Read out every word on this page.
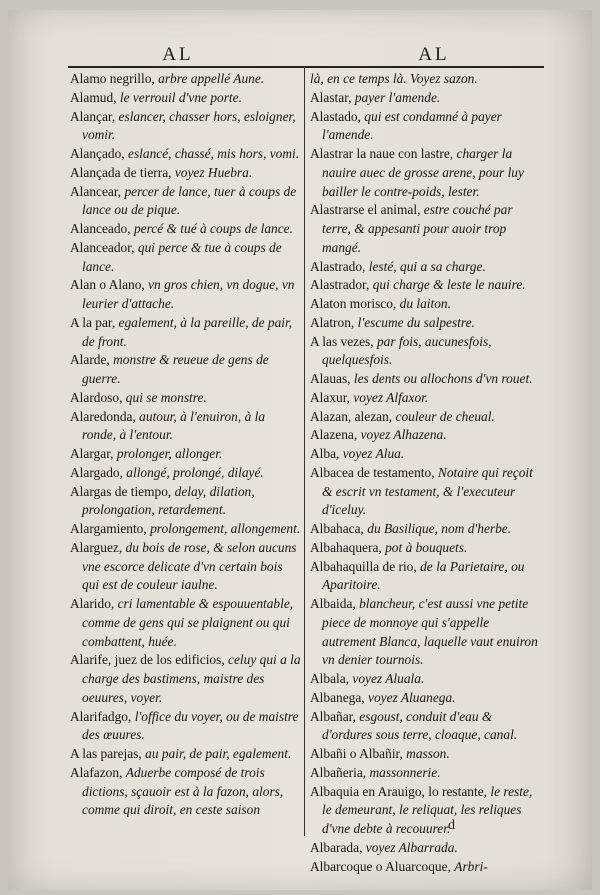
AL	AL
Alamo negrillo, arbre appellé Aune.
Alamud, le verrouil d'vne porte.
Alançar, eslancer, chasser hors, esloigner, vomir.
Alançado, eslancé, chassé, mis hors, vomi.
Alançada de tierra, voyez Huebra.
Alancear, percer de lance, tuer à coups de lance ou de pique.
Alanceado, percé & tué à coups de lance.
Alanceador, qui perce & tue à coups de lance.
Alan o Alano, vn gros chien, vn dogue, vn leurier d'attache.
A la par, egalement, à la pareille, de pair, de front.
Alarde, monstre & reueue de gens de guerre.
Alardoso, qui se monstre.
Alaredonda, autour, à l'enuiron, à la ronde, à l'entour.
Alargar, prolonger, allonger.
Alargado, allongé, prolongé, dilayé.
Alargas de tiempo, delay, dilation, prolongation, retardement.
Alargamiento, prolongement, allongement.
Alarguez, du bois de rose, & selon aucuns vne escorce delicate d'vn certain bois qui est de couleur iaulne.
Alarido, cri lamentable & espouuentable, comme de gens qui se plaignent ou qui combattent, huée.
Alarife, juez de los edificios, celuy qui a la charge des bastimens, maistre des oeuures, voyer.
Alarifadgo, l'office du voyer, ou de maistre des œuures.
A las parejas, au pair, de pair, egalement.
Alafazon, Aduerbe composé de trois dictions, sçauoir est à la fazon, alors, comme qui diroit, en ceste saison
là, en ce temps là. Voyez sazon.
Alastar, payer l'amende.
Alastado, qui est condamné à payer l'amende.
Alastrar la naue con lastre, charger la nauire auec de grosse arene, pour luy bailler le contre-poids, lester.
Alastrarse el animal, estre couché par terre, & appesanti pour auoir trop mangé.
Alastrado, lesté, qui a sa charge.
Alastrador, qui charge & leste le nauire.
Alaton morisco, du laiton.
Alatron, l'escume du salpestre.
A las vezes, par fois, aucunesfois, quelquesfois.
Alauas, les dents ou allochons d'vn rouet.
Alaxur, voyez Alfaxor.
Alazan, alezan, couleur de cheual.
Alazena, voyez Alhazena.
Alba, voyez Alua.
Albacea de testamento, Notaire qui reçoit & escrit vn testament, & l'executeur d'iceluy.
Albahaca, du Basilique, nom d'herbe.
Albahaquera, pot à bouquets.
Albahaquilla de rio, de la Parietaire, ou Aparitoire.
Albaida, blancheur, c'est aussi vne petite piece de monnoye qui s'appelle autrement Blanca, laquelle vaut enuiron vn denier tournois.
Albala, voyez Aluala.
Albanega, voyez Aluanega.
Albañar, esgoust, conduit d'eau & d'ordures sous terre, cloaque, canal.
Albañi o Albañir, masson.
Albañeria, massonnerie.
Albaquia en Arauigo, lo restante, le reste, le demeurant, le reliquat, les reliques d'vne debte à recouurer.
Albarada, voyez Albarrada.
Albarcoque o Aluarcoque, Arbri-
d
